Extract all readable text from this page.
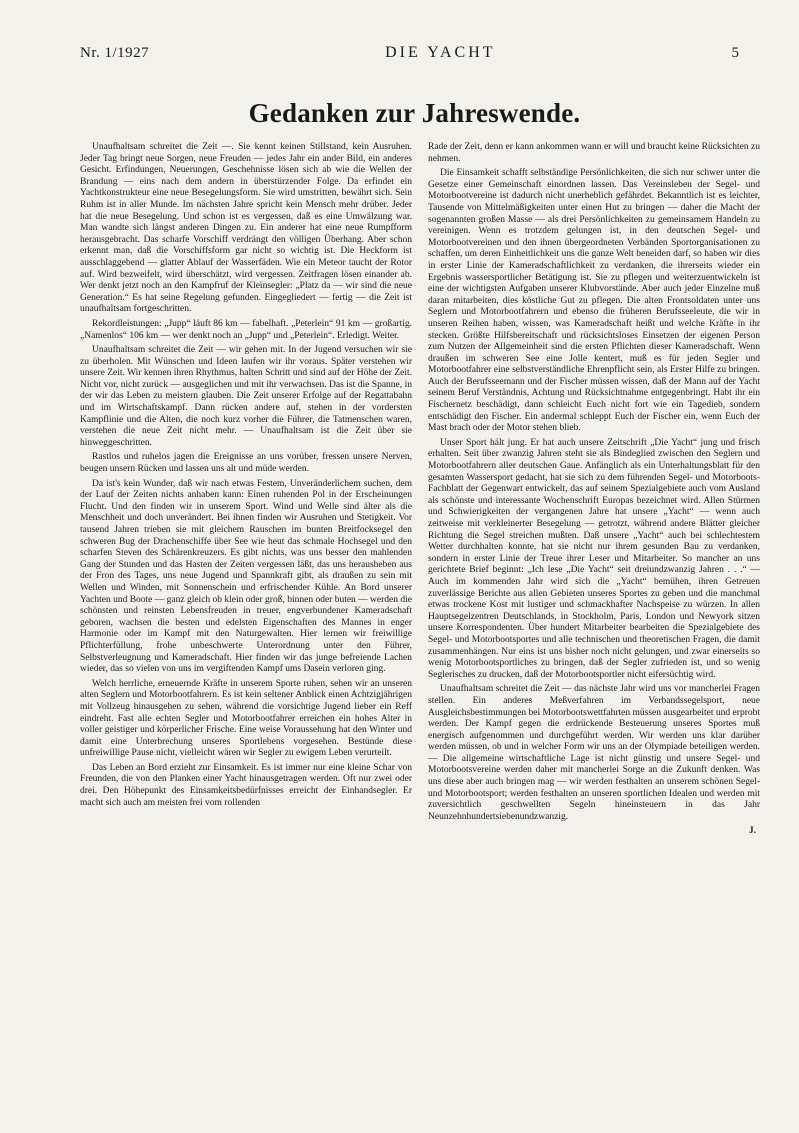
Nr. 1/1927	DIE YACHT	5
Gedanken zur Jahreswende.

Unaufhaltsam schreitet die Zeit —. Sie kennt keinen Stillstand, kein Ausruhen. Jeder Tag bringt neue Sorgen, neue Freuden — jedes Jahr ein ander Bild, ein anderes Gesicht. Erfindungen, Neuerungen, Geschehnisse lösen sich ab wie die Wellen der Brandung — eins nach dem andern in überstürzender Folge. Da erfindet ein Yachtkonstrukteur eine neue Besegelungsform. Sie wird umstritten, bewährt sich. Sein Ruhm ist in aller Munde. Im nächsten Jahre spricht kein Mensch mehr drüber. Jeder hat die neue Besegelung. Und schon ist es vergessen, daß es eine Umwälzung war. Man wandte sich längst anderen Dingen zu. Ein anderer hat eine neue Rumpfform herausgebracht. Das scharfe Vorschiff verdrängt den völligen Überhang. Aber schon erkennt man, daß die Vorschiffsform gar nicht so wichtig ist. Die Heckform ist ausschlaggebend — glatter Ablauf der Wasserfäden. Wie ein Meteor taucht der Rotor auf. Wird bezweifelt, wird überschätzt, wird vergessen. Zeitfragen lösen einander ab. Wer denkt jetzt noch an den Kampfruf der Kleinsegler: „Platz da — wir sind die neue Generation.“ Es hat seine Regelung gefunden. Eingegliedert — fertig — die Zeit ist unaufhaltsam fortgeschritten.

Rekordleistungen: „Jupp“ läuft 86 km — fabelhaft. „Peterlein“ 91 km — großartig. „Namenlos“ 106 km — wer denkt noch an „Jupp“ und „Peterlein“. Erledigt. Weiter.

Unaufhaltsam schreitet die Zeit — wir gehen mit. In der Jugend versuchen wir sie zu überholen. Mit Wünschen und Ideen laufen wir ihr voraus. Später verstehen wir unsere Zeit. Wir kennen ihren Rhythmus, halten Schritt und sind auf der Höhe der Zeit. Nicht vor, nicht zurück — ausgeglichen und mit ihr verwachsen. Das ist die Spanne, in der wir das Leben zu meistern glauben. Die Zeit unserer Erfolge auf der Regattabahn und im Wirtschaftskampf. Dann rücken andere auf, stehen in der vordersten Kampflinie und die Alten, die noch kurz vorher die Führer, die Tatmenschen waren, verstehen die neue Zeit nicht mehr. — Unaufhaltsam ist die Zeit über sie hinweggeschritten.

Rastlos und ruhelos jagen die Ereignisse an uns vorüber, fressen unsere Nerven, beugen unsern Rücken und lassen uns alt und müde werden.

Da ist's kein Wunder, daß wir nach etwas Festem, Unveränderlichem suchen, dem der Lauf der Zeiten nichts anhaben kann: Einen ruhenden Pol in der Erscheinungen Flucht. Und den finden wir in unserem Sport. Wind und Welle sind älter als die Menschheit und doch unverändert. Bei ihnen finden wir Ausruhen und Stetigkeit. Vor tausend Jahren trieben sie mit gleichem Rauschen im bunten Breitfocksegel den schweren Bug der Drachenschiffe über See wie heut das schmale Hochsegel und den scharfen Steven des Schärenkreuzers. Es gibt nichts, was uns besser den mahlenden Gang der Stunden und das Hasten der Zeiten vergessen läßt, das uns herausheben aus der Fron des Tages, uns neue Jugend und Spannkraft gibt, als draußen zu sein mit Wellen und Winden, mit Sonnenschein und erfrischender Kühle. An Bord unserer Yachten und Boote — ganz gleich ob klein oder groß, binnen oder buten — werden die schönsten und reinsten Lebensfreuden in treuer, engverbundener Kameradschaft geboren, wachsen die besten und edelsten Eigenschaften des Mannes in enger Harmonie oder im Kampf mit den Naturgewalten. Hier lernen wir freiwillige Pflichterfüllung, frohe unbeschwerte Unterordnung unter den Führer, Selbstverleugnung und Kameradschaft. Hier finden wir das junge befreiende Lachen wieder, das so vielen von uns im vergiftenden Kampf ums Dasein verloren ging.

Welch herrliche, erneuernde Kräfte in unserem Sporte ruhen, sehen wir an unseren alten Seglern und Motorbootfahrern. Es ist kein seltener Anblick einen Achtzigjährigen mit Vollzeug hinausgehen zu sehen, während die vorsichtige Jugend lieber ein Reff eindreht. Fast alle echten Segler und Motorbootfahrer erreichen ein hohes Alter in voller geistiger und körperlicher Frische. Eine weise Voraussehung hat den Winter und damit eine Unterbrechung unseres Sportlebens vorgesehen. Bestünde diese unfreiwillige Pause nicht, vielleicht wären wir Segler zu ewigem Leben verurteilt.

Das Leben an Bord erzieht zur Einsamkeit. Es ist immer nur eine kleine Schar von Freunden, die von den Planken einer Yacht hinausgetragen werden. Oft nur zwei oder drei. Den Höhepunkt des Einsamkeitsbedürfnisses erreicht der Einhandsegler. Er macht sich auch am meisten frei vom rollenden

Rade der Zeit, denn er kann ankommen wann er will und braucht keine Rücksichten zu nehmen.

Die Einsamkeit schafft selbständige Persönlichkeiten, die sich nur schwer unter die Gesetze einer Gemeinschaft einordnen lassen. Das Vereinsleben der Segel- und Motorbootvereine ist dadurch nicht unerheblich gefährdet. Bekanntlich ist es leichter, Tausende von Mittelmäßigkeiten unter einen Hut zu bringen — daher die Macht der sogenannten großen Masse — als drei Persönlichkeiten zu gemeinsamem Handeln zu vereinigen. Wenn es trotzdem gelungen ist, in den deutschen Segel- und Motorbootvereinen und den ihnen übergeordneten Verbänden Sportorganisationen zu schaffen, um deren Einheitlichkeit uns die ganze Welt beneiden darf, so haben wir dies in erster Linie der Kameradschaftlichkeit zu verdanken, die ihrerseits wieder ein Ergebnis wassersportlicher Betätigung ist. Sie zu pflegen und weiterzuentwickeln ist eine der wichtigsten Aufgaben unserer Klubvorstände. Aber auch jeder Einzelne muß daran mitarbeiten, dies köstliche Gut zu pflegen. Die alten Frontsoldaten unter uns Seglern und Motorbootfahrern und ebenso die früheren Berufsseeleute, die wir in unseren Reihen haben, wissen, was Kameradschaft heißt und welche Kräfte in ihr stecken. Größte Hilfsbereitschaft und rücksichtsloses Einsetzen der eigenen Person zum Nutzen der Allgemeinheit sind die ersten Pflichten dieser Kameradschaft. Wenn draußen im schweren See eine Jolle kentert, muß es für jeden Segler und Motorbootfahrer eine selbstverständliche Ehrenpflicht sein, als Erster Hilfe zu bringen. Auch der Berufsseemann und der Fischer müssen wissen, daß der Mann auf der Yacht seinem Beruf Verständnis, Achtung und Rücksichtnahme entgegenbringt. Habt ihr ein Fischernetz beschädigt, dann schleicht Euch nicht fort wie ein Tagedieb, sondern entschädigt den Fischer. Ein andermal schleppt Euch der Fischer ein, wenn Euch der Mast brach oder der Motor stehen blieb.

Unser Sport hält jung. Er hat auch unsere Zeitschrift „Die Yacht“ jung und frisch erhalten. Seit über zwanzig Jahren steht sie als Bindeglied zwischen den Seglern und Motorbootfahrern aller deutschen Gaue. Anfänglich als ein Unterhaltungsblatt für den gesamten Wassersport gedacht, hat sie sich zu dem führenden Segel- und Motorboots-Fachblatt der Gegenwart entwickelt, das auf seinem Spezialgebiete auch vom Ausland als schönste und interessante Wochenschrift Europas bezeichnet wird. Allen Stürmen und Schwierigkeiten der vergangenen Jahre hat unsere „Yacht“ — wenn auch zeitweise mit verkleinerter Besegelung — getrotzt, während andere Blätter gleicher Richtung die Segel streichen mußten. Daß unsere „Yacht“ auch bei schlechtestem Wetter durchhalten konnte, hat sie nicht nur ihrem gesunden Bau zu verdanken, sondern in erster Linie der Treue ihrer Leser und Mitarbeiter. So mancher an uns gerichtete Brief beginnt: „Ich lese „Die Yacht“ seit dreiundzwanzig Jahren . . .“ — Auch im kommenden Jahr wird sich die „Yacht“ bemühen, ihren Getreuen zuverlässige Berichte aus allen Gebieten unseres Sportes zu geben und die manchmal etwas trockene Kost mit lustiger und schmackhafter Nachspeise zu würzen. In allen Hauptsegelzentren Deutschlands, in Stockholm, Paris, London und Newyork sitzen unsere Korrespondenten. Über hundert Mitarbeiter bearbeiten die Spezialgebiete des Segel- und Motorbootsportes und alle technischen und theoretischen Fragen, die damit zusammenhängen. Nur eins ist uns bisher noch nicht gelungen, und zwar einerseits so wenig Motorbootsportliches zu bringen, daß der Segler zufrieden ist, und so wenig Seglerisches zu drucken, daß der Motorbootsportler nicht eifersüchtig wird.

Unaufhaltsam schreitet die Zeit — das nächste Jahr wird uns vor mancherlei Fragen stellen. Ein anderes Meßverfahren im Verbandssegelsport, neue Ausgleichsbestimmungen bei Motorbootswettfahrten müssen ausgearbeitet und erprobt werden. Der Kampf gegen die erdrückende Besteuerung unseres Sportes muß energisch aufgenommen und durchgeführt werden. Wir werden uns klar darüber werden müssen, ob und in welcher Form wir uns an der Olympiade beteiligen werden. — Die allgemeine wirtschaftliche Lage ist nicht günstig und unsere Segel- und Motorbootsvereine werden daher mit mancherlei Sorge an die Zukunft denken. Was uns diese aber auch bringen mag — wir werden festhalten an unserem schönen Segel- und Motorbootsport; werden festhalten an unseren sportlichen Idealen und werden mit zuversichtlich geschwellten Segeln hineinsteuern in das Jahr Neunzehnhundertsiebenundzwanzig.

J.
